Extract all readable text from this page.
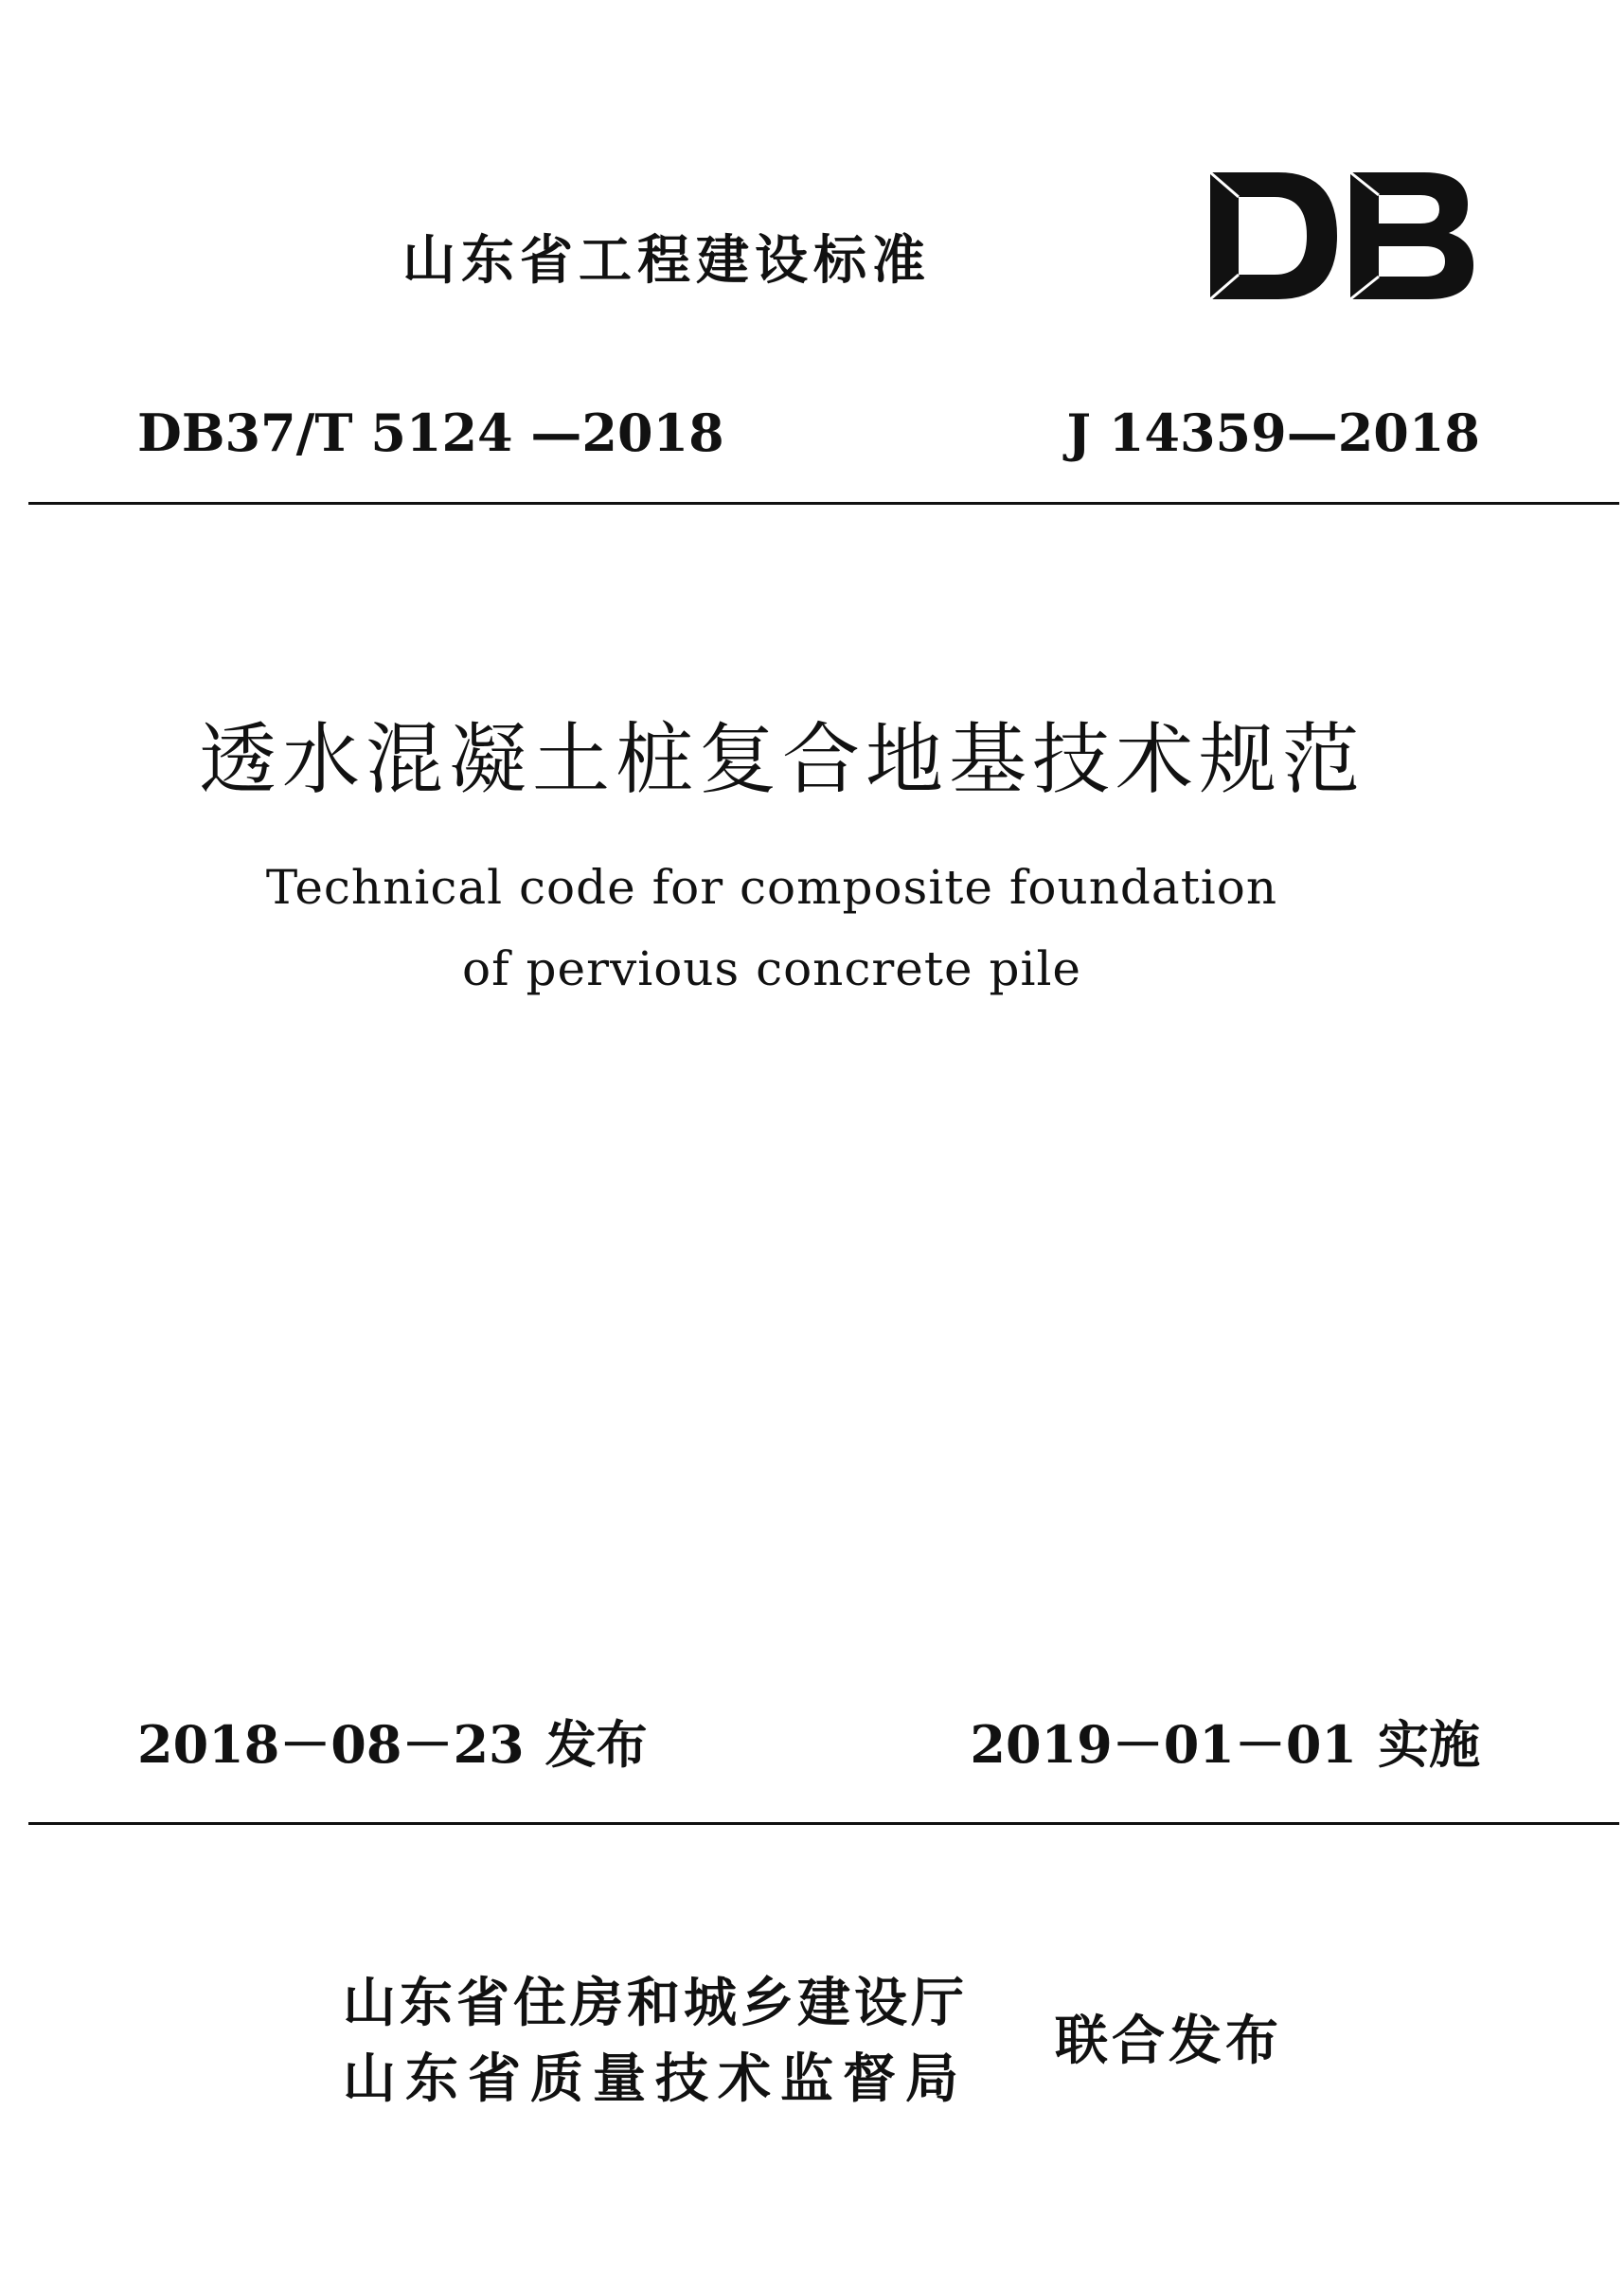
山东省工程建设标准
DB37/T 5124 —2018	J 14359—2018
透水混凝土桩复合地基技术规范
Technical code for composite foundation
of pervious concrete pile
2018－08－23 发布	2019－01－01 实施
山东省住房和城乡建设厅
山东省质量技术监督局
联合发布
